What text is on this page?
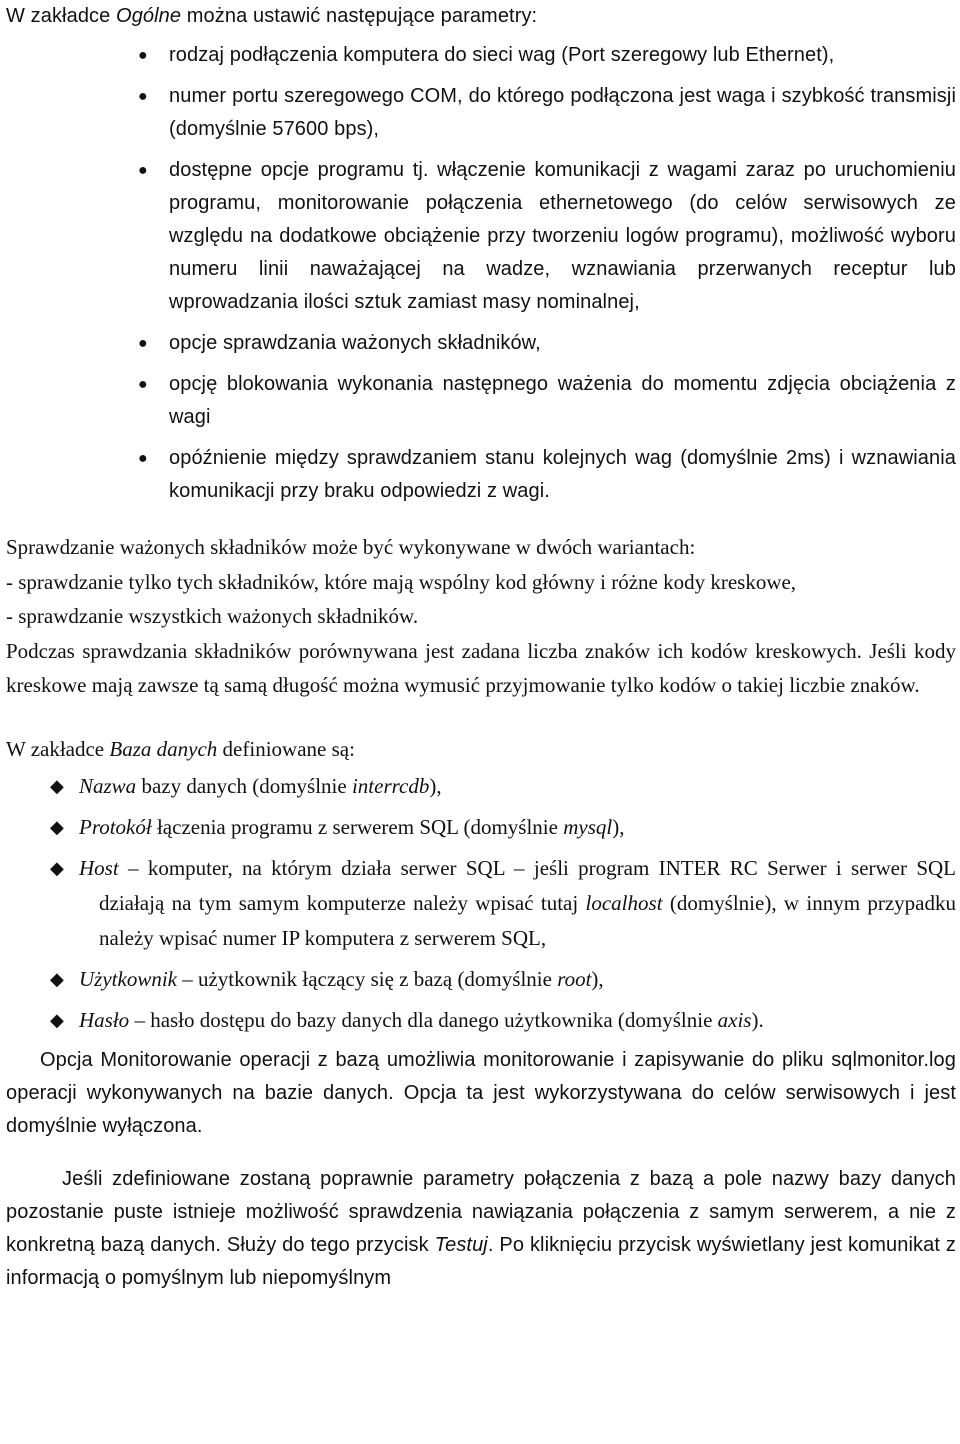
W zakładce Ogólne można ustawić następujące parametry:

● rodzaj podłączenia komputera do sieci wag (Port szeregowy lub Ethernet),
● numer portu szeregowego COM, do którego podłączona jest waga i szybkość transmisji (domyślnie 57600 bps),
● dostępne opcje programu tj. włączenie komunikacji z wagami zaraz po uruchomieniu programu, monitorowanie połączenia ethernetowego (do celów serwisowych ze względu na dodatkowe obciążenie przy tworzeniu logów programu), możliwość wyboru numeru linii naważającej na wadze, wznawiania przerwanych receptur lub wprowadzania ilości sztuk zamiast masy nominalnej,
● opcje sprawdzania ważonych składników,
● opcję blokowania wykonania następnego ważenia do momentu zdjęcia obciążenia z wagi
● opóźnienie między sprawdzaniem stanu kolejnych wag (domyślnie 2ms) i wznawiania komunikacji przy braku odpowiedzi z wagi.

Sprawdzanie ważonych składników może być wykonywane w dwóch wariantach:

- sprawdzanie tylko tych składników, które mają wspólny kod główny i różne kody kreskowe,

- sprawdzanie wszystkich ważonych składników.

Podczas sprawdzania składników porównywana jest zadana liczba znaków ich kodów kreskowych. Jeśli kody kreskowe mają zawsze tą samą długość można wymusić przyjmowanie tylko kodów o takiej liczbie znaków.

W zakładce Baza danych definiowane są:

◆ Nazwa bazy danych (domyślnie interrcdb),
◆ Protokół łączenia programu z serwerem SQL (domyślnie mysql),
◆ Host – komputer, na którym działa serwer SQL – jeśli program INTER RC Serwer i serwer SQL działają na tym samym komputerze należy wpisać tutaj localhost (domyślnie), w innym przypadku należy wpisać numer IP komputera z serwerem SQL,
◆ Użytkownik – użytkownik łączący się z bazą (domyślnie root),
◆ Hasło – hasło dostępu do bazy danych dla danego użytkownika (domyślnie axis).

Opcja Monitorowanie operacji z bazą umożliwia monitorowanie i zapisywanie do pliku sqlmonitor.log operacji wykonywanych na bazie danych. Opcja ta jest wykorzystywana do celów serwisowych i jest domyślnie wyłączona.

Jeśli zdefiniowane zostaną poprawnie parametry połączenia z bazą a pole nazwy bazy danych pozostanie puste istnieje możliwość sprawdzenia nawiązania połączenia z samym serwerem, a nie z konkretną bazą danych. Służy do tego przycisk Testuj. Po kliknięciu przycisk wyświetlany jest komunikat z informacją o pomyślnym lub niepomyślnym
